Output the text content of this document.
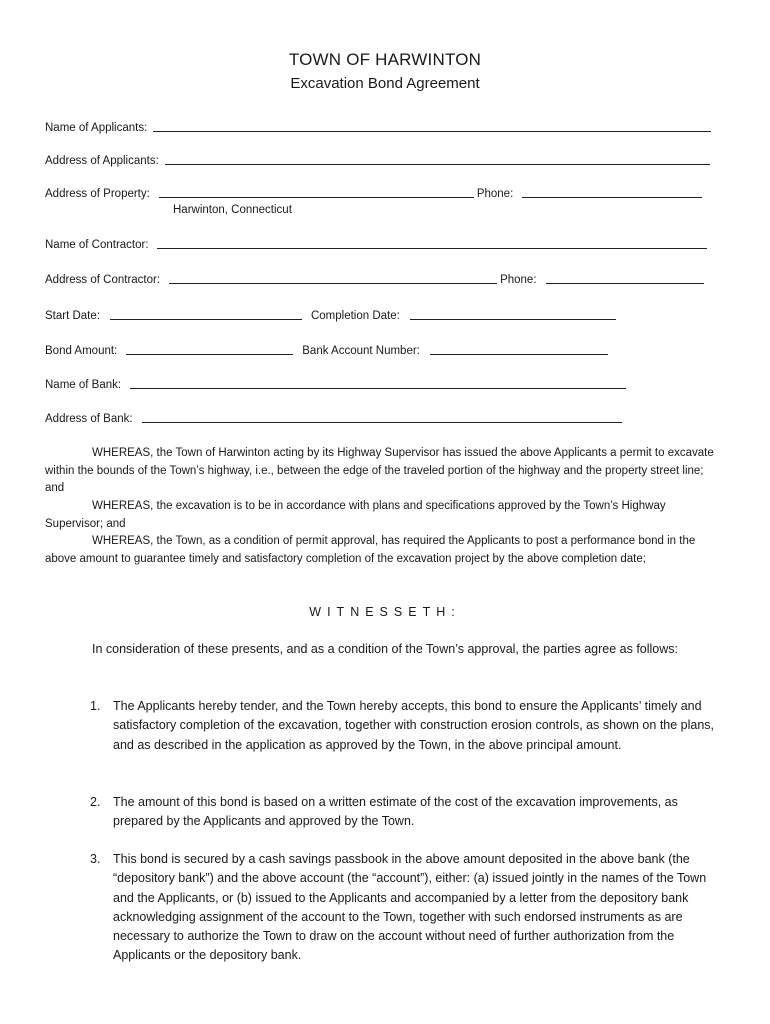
TOWN OF HARWINTON
Excavation Bond Agreement
Name of Applicants:
Address of Applicants:
Address of Property:	Phone:
Harwinton, Connecticut
Name of Contractor:
Address of Contractor:	Phone:
Start Date:	Completion Date:
Bond Amount:	Bank Account Number:
Name of Bank:
Address of Bank:

WHEREAS, the Town of Harwinton acting by its Highway Supervisor has issued the above Applicants a permit to excavate within the bounds of the Town’s highway, i.e., between the edge of the traveled portion of the highway and the property street line; and

WHEREAS, the excavation is to be in accordance with plans and specifications approved by the Town’s Highway Supervisor; and

WHEREAS, the Town, as a condition of permit approval, has required the Applicants to post a performance bond in the above amount to guarantee timely and satisfactory completion of the excavation project by the above completion date;

WITNESSETH:

In consideration of these presents, and as a condition of the Town’s approval, the parties agree as follows:

1.	The Applicants hereby tender, and the Town hereby accepts, this bond to ensure the Applicants’ timely and satisfactory completion of the excavation, together with construction erosion controls, as shown on the plans, and as described in the application as approved by the Town, in the above principal amount.
2.	The amount of this bond is based on a written estimate of the cost of the excavation improvements, as prepared by the Applicants and approved by the Town.
3.	This bond is secured by a cash savings passbook in the above amount deposited in the above bank (the “depository bank”) and the above account (the “account”), either: (a) issued jointly in the names of the Town and the Applicants, or (b) issued to the Applicants and accompanied by a letter from the depository bank acknowledging assignment of the account to the Town, together with such endorsed instruments as are necessary to authorize the Town to draw on the account without need of further authorization from the Applicants or the depository bank.
